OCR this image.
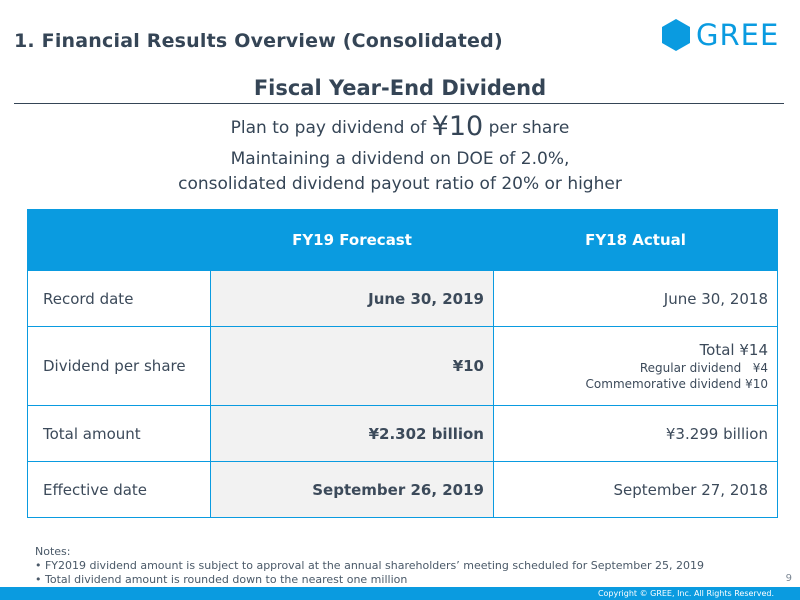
1. Financial Results Overview (Consolidated)	GREE
Fiscal Year-End Dividend
Plan to pay dividend of ¥10 per share
Maintaining a dividend on DOE of 2.0%,
consolidated dividend payout ratio of 20% or higher
	FY19 Forecast	FY18 Actual
Record date	June 30, 2019	June 30, 2018
Dividend per share	¥10	Total ¥14
Regular dividend   ¥4
Commemorative dividend ¥10

Total amount	¥2.302 billion	¥3.299 billion
Effective date	September 26, 2019	September 27, 2018
Notes:
• FY2019 dividend amount is subject to approval at the annual shareholders’ meeting scheduled for September 25, 2019
• Total dividend amount is rounded down to the nearest one million	9
Copyright © GREE, Inc. All Rights Reserved.
